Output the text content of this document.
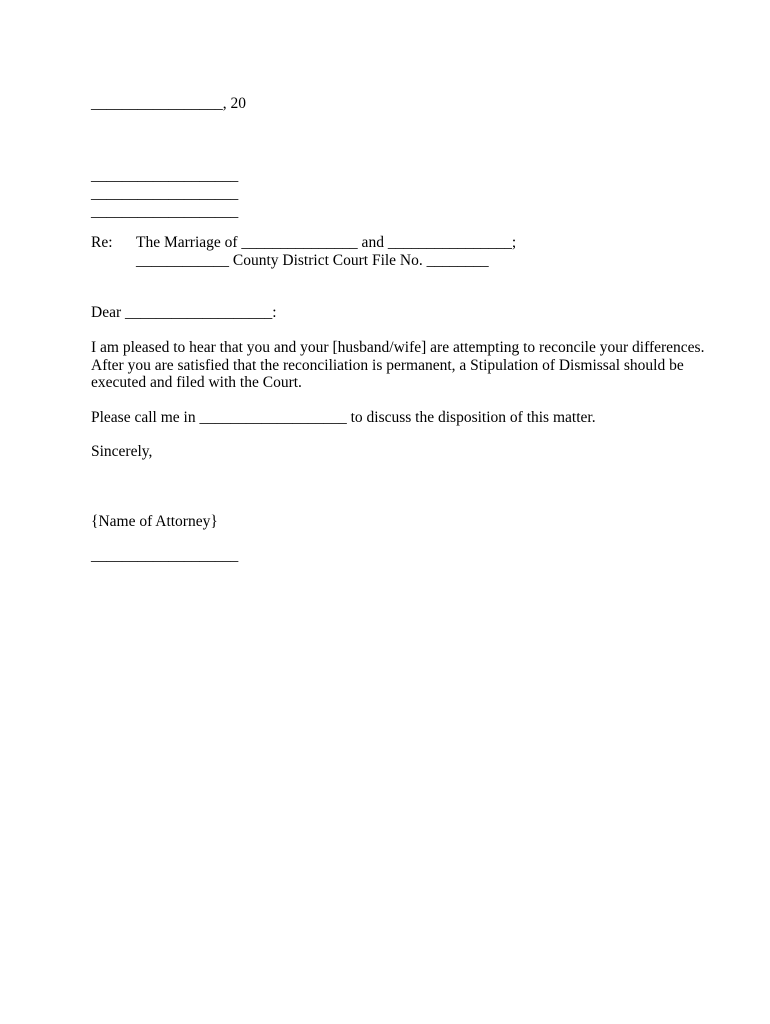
_________________, 20
___________________
___________________
___________________
Re: The Marriage of _______________ and ________________;
____________ County District Court File No. ________
Dear ___________________:
I am pleased to hear that you and your [husband/wife] are attempting to reconcile your differences.
After you are satisfied that the reconciliation is permanent, a Stipulation of Dismissal should be
executed and filed with the Court.
Please call me in ___________________ to discuss the disposition of this matter.
Sincerely,
{Name of Attorney}
___________________
